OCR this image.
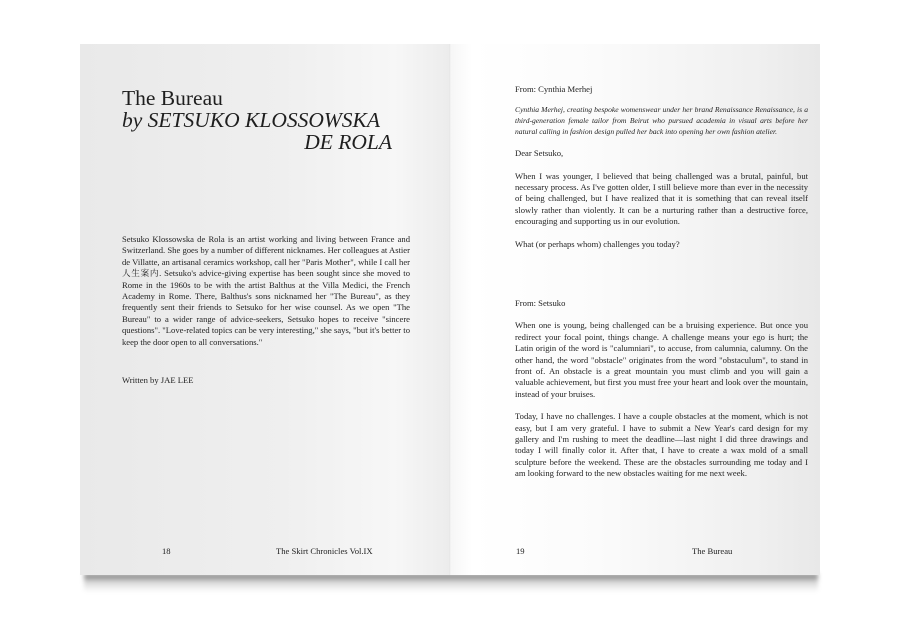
The Bureau
by SETSUKO KLOSSOWSKA
DE ROLA

Setsuko Klossowska de Rola is an artist working and living between France and Switzerland. She goes by a number of different nicknames. Her colleagues at Astier de Villatte, an artisanal ceramics workshop, call her "Paris Mother", while I call her 人生案内. Setsuko's advice-giving expertise has been sought since she moved to Rome in the 1960s to be with the artist Balthus at the Villa Medici, the French Academy in Rome. There, Balthus's sons nicknamed her "The Bureau", as they frequently sent their friends to Setsuko for her wise counsel. As we open "The Bureau" to a wider range of advice-seekers, Setsuko hopes to receive "sincere questions". "Love-related topics can be very interesting," she says, "but it's better to keep the door open to all conversations."

Written by JAE LEE
18	The Skirt Chronicles Vol.IX

From: Cynthia Merhej

Cynthia Merhej, creating bespoke womenswear under her brand Renaissance Renaissance, is a third-generation female tailor from Beirut who pursued academia in visual arts before her natural calling in fashion design pulled her back into opening her own fashion atelier.

Dear Setsuko,

When I was younger, I believed that being challenged was a brutal, painful, but necessary process. As I've gotten older, I still believe more than ever in the necessity of being challenged, but I have realized that it is something that can reveal itself slowly rather than violently. It can be a nurturing rather than a destructive force, encouraging and supporting us in our evolution.

What (or perhaps whom) challenges you today?

From: Setsuko

When one is young, being challenged can be a bruising experience. But once you redirect your focal point, things change. A challenge means your ego is hurt; the Latin origin of the word is "calumniari", to accuse, from calumnia, calumny. On the other hand, the word "obstacle" originates from the word "obstaculum", to stand in front of. An obstacle is a great mountain you must climb and you will gain a valuable achievement, but first you must free your heart and look over the mountain, instead of your bruises.

Today, I have no challenges. I have a couple obstacles at the moment, which is not easy, but I am very grateful. I have to submit a New Year's card design for my gallery and I'm rushing to meet the deadline—last night I did three drawings and today I will finally color it. After that, I have to create a wax mold of a small sculpture before the weekend. These are the obstacles surrounding me today and I am looking forward to the new obstacles waiting for me next week.

19	The Bureau
